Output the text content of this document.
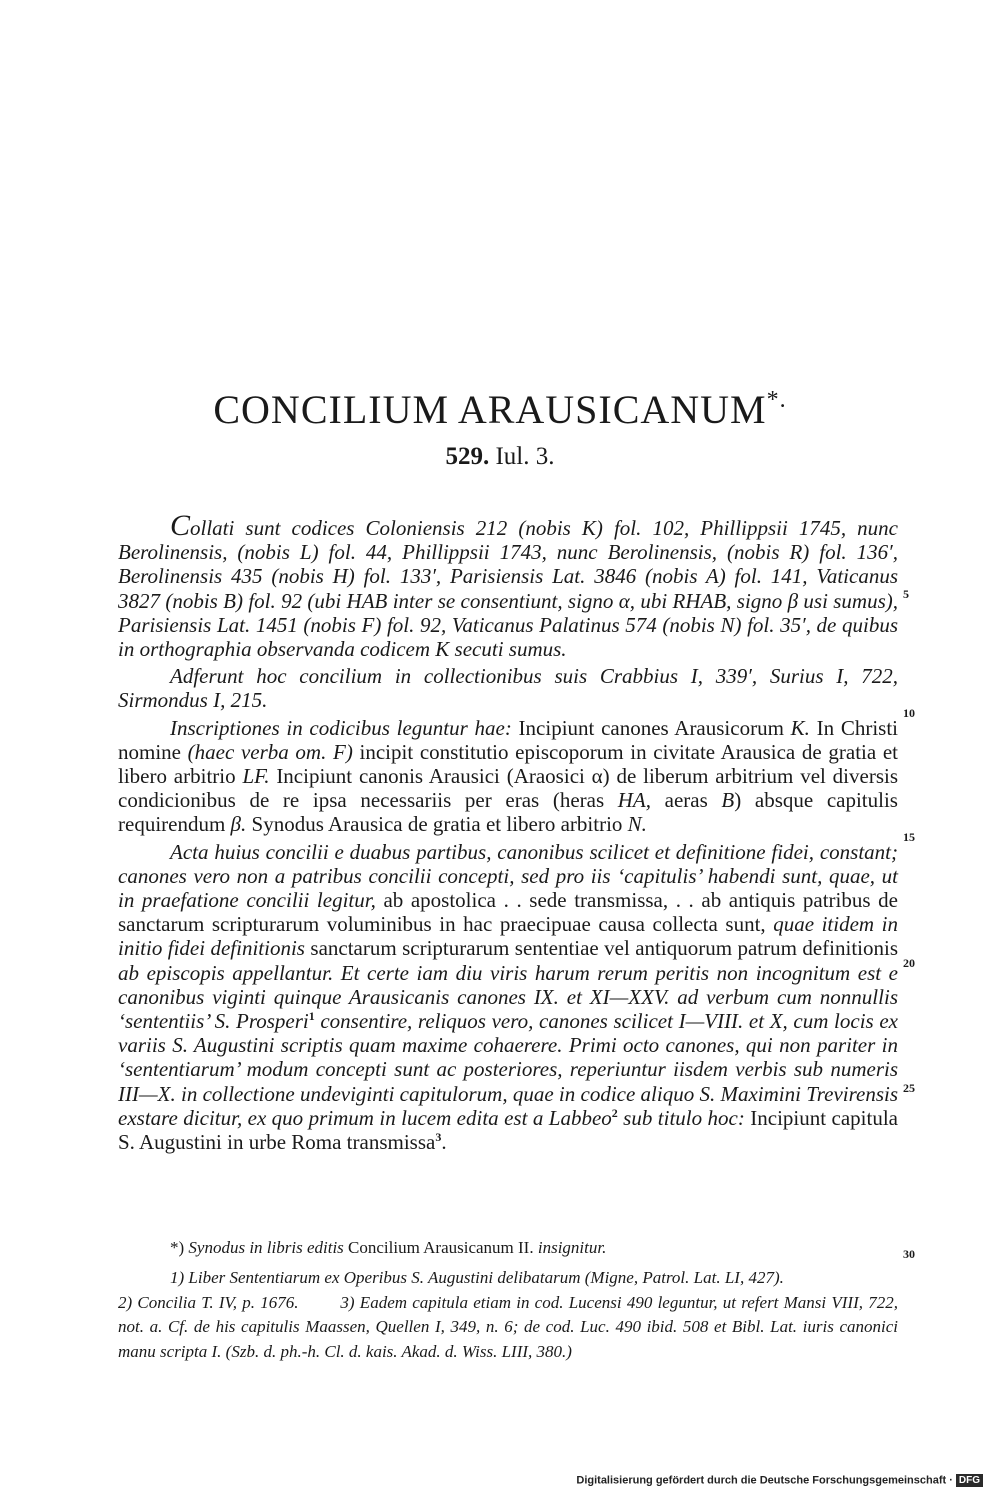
CONCILIUM ARAUSICANUM*.
529. Iul. 3.

Collati sunt codices Coloniensis 212 (nobis K) fol. 102, Phillippsii 1745, nunc Berolinensis, (nobis L) fol. 44, Phillippsii 1743, nunc Berolinensis, (nobis R) fol. 136′, Berolinensis 435 (nobis H) fol. 133′, Parisiensis Lat. 3846 (nobis A) fol. 141, Vaticanus 3827 (nobis B) fol. 92 (ubi HAB inter se consentiunt, signo α, ubi RHAB, signo β usi sumus), Parisiensis Lat. 1451 (nobis F) fol. 92, Vaticanus Palatinus 574 (nobis N) fol. 35′, de quibus in orthographia observanda codicem K secuti sumus.

Adferunt hoc concilium in collectionibus suis Crabbius I, 339′, Surius I, 722, Sirmondus I, 215.

Inscriptiones in codicibus leguntur hae: Incipiunt canones Arausicorum K. In Christi nomine (haec verba om. F) incipit constitutio episcoporum in civitate Arausica de gratia et libero arbitrio LF. Incipiunt canonis Arausici (Araosici α) de liberum arbitrium vel diversis condicionibus de re ipsa necessariis per eras (heras HA, aeras B) absque capitulis requirendum β. Synodus Arausica de gratia et libero arbitrio N.

Acta huius concilii e duabus partibus, canonibus scilicet et definitione fidei, constant; canones vero non a patribus concilii concepti, sed pro iis ‘capitulis’ habendi sunt, quae, ut in praefatione concilii legitur, ab apostolica . . sede transmissa, . . ab antiquis patribus de sanctarum scripturarum voluminibus in hac praecipuae causa collecta sunt, quae itidem in initio fidei definitionis sanctarum scripturarum sententiae vel antiquorum patrum definitionis ab episcopis appellantur. Et certe iam diu viris harum rerum peritis non incognitum est e canonibus viginti quinque Arausicanis canones IX. et XI—XXV. ad verbum cum nonnullis ‘sententiis’ S. Prosperi$^1$ consentire, reliquos vero, canones scilicet I—VIII. et X, cum locis ex variis S. Augustini scriptis quam maxime cohaerere. Primi octo canones, qui non pariter in ‘sententiarum’ modum concepti sunt ac posteriores, reperiuntur iisdem verbis sub numeris III—X. in collectione undeviginti capitulorum, quae in codice aliquo S. Maximini Trevirensis exstare dicitur, ex quo primum in lucem edita est a Labbeo$^2$ sub titulo hoc: Incipiunt capitula S. Augustini in urbe Roma transmissa$^3$.

5
10
15
20
25
30

*) Synodus in libris editis Concilium Arausicanum II. insignitur.

1) Liber Sententiarum ex Operibus S. Augustini delibatarum (Migne, Patrol. Lat. LI, 427).

2) Concilia T. IV, p. 1676.        3) Eadem capitula etiam in cod. Lucensi 490 leguntur, ut refert Mansi VIII, 722, not. a. Cf. de his capitulis Maassen, Quellen I, 349, n. 6; de cod. Luc. 490 ibid. 508 et Bibl. Lat. iuris canonici manu scripta I. (Szb. d. ph.-h. Cl. d. kais. Akad. d. Wiss. LIII, 380.)

Digitalisierung gefördert durch die Deutsche Forschungsgemeinschaft · DFG
